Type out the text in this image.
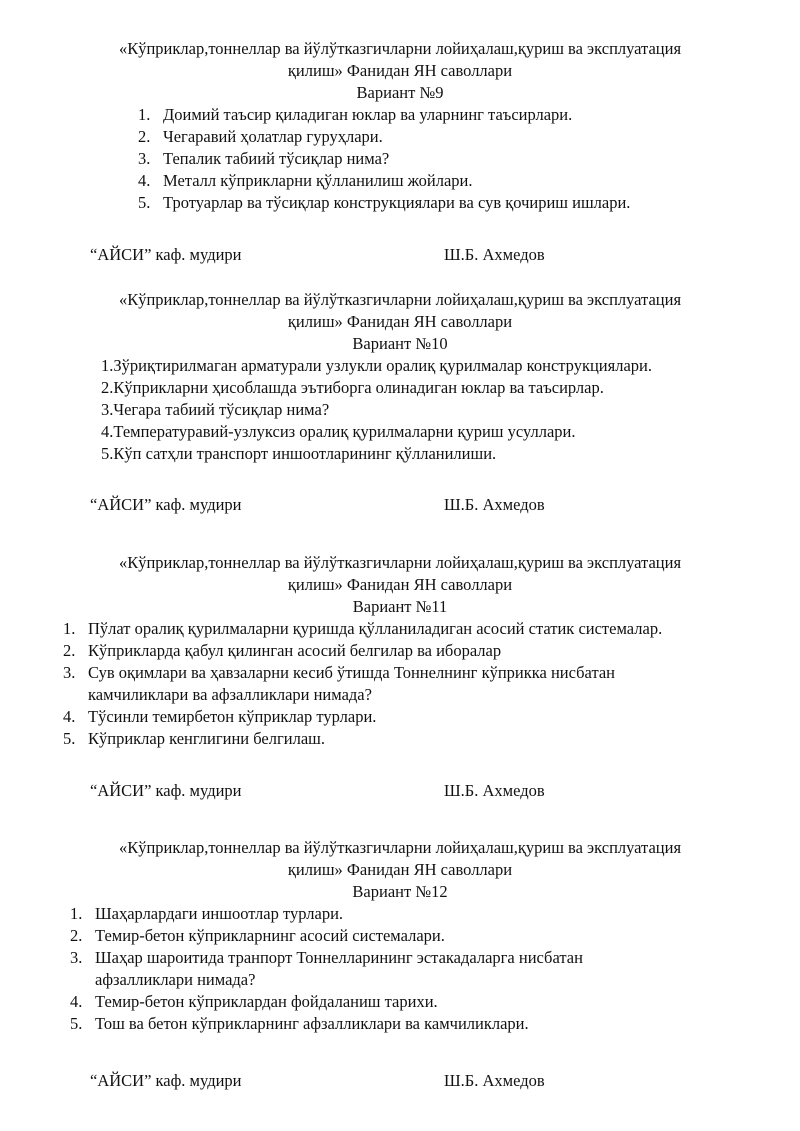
«Кўприклар,тоннеллар ва йўлўтказгичларни лойиҳалаш,қуриш ва эксплуатация
қилиш» Фанидан ЯН саволлари

Вариант №9
1. Доимий таъсир қиладиган юклар ва уларнинг таъсирлари.
2. Чегаравий ҳолатлар гуруҳлари.
3. Тепалик табиий тўсиқлар нима?
4. Металл кўприкларни қўлланилиш жойлари.
5. Тротуарлар ва тўсиқлар конструкциялари ва сув қочириш ишлари.
“АЙСИ” каф. мудири	Ш.Б. Ахмедов

«Кўприклар,тоннеллар ва йўлўтказгичларни лойиҳалаш,қуриш ва эксплуатация
қилиш» Фанидан ЯН саволлари

Вариант №10
1.Зўриқтирилмаган арматурали узлукли оралиқ қурилмалар конструкциялари.
2.Кўприкларни ҳисоблашда эътиборга олинадиган юклар ва таъсирлар.
3.Чегара табиий тўсиқлар нима?
4.Температуравий-узлуксиз оралиқ қурилмаларни қуриш усуллари.
5.Кўп сатҳли транспорт иншоотларининг қўлланилиши.
“АЙСИ” каф. мудири	Ш.Б. Ахмедов

«Кўприклар,тоннеллар ва йўлўтказгичларни лойиҳалаш,қуриш ва эксплуатация
қилиш» Фанидан ЯН саволлари

Вариант №11
1. Пўлат оралиқ қурилмаларни қуришда қўлланиладиган асосий статик системалар.
2. Кўприкларда қабул қилинган асосий белгилар ва иборалар
3. Сув оқимлари ва ҳавзаларни кесиб ўтишда Тоннелнинг кўприкка нисбатан
камчиликлари ва афзалликлари нимада?
4. Тўсинли темирбетон кўприклар турлари.
5. Кўприклар кенглигини белгилаш.
“АЙСИ” каф. мудири	Ш.Б. Ахмедов

«Кўприклар,тоннеллар ва йўлўтказгичларни лойиҳалаш,қуриш ва эксплуатация
қилиш» Фанидан ЯН саволлари

Вариант №12
1. Шаҳарлардаги иншоотлар турлари.
2. Темир-бетон кўприкларнинг асосий системалари.
3. Шаҳар шароитида транпорт Тоннелларининг эстакадаларга нисбатан
афзалликлари нимада?
4. Темир-бетон кўприклардан фойдаланиш тарихи.
5. Тош ва бетон кўприкларнинг афзалликлари ва камчиликлари.
“АЙСИ” каф. мудири	Ш.Б. Ахмедов
